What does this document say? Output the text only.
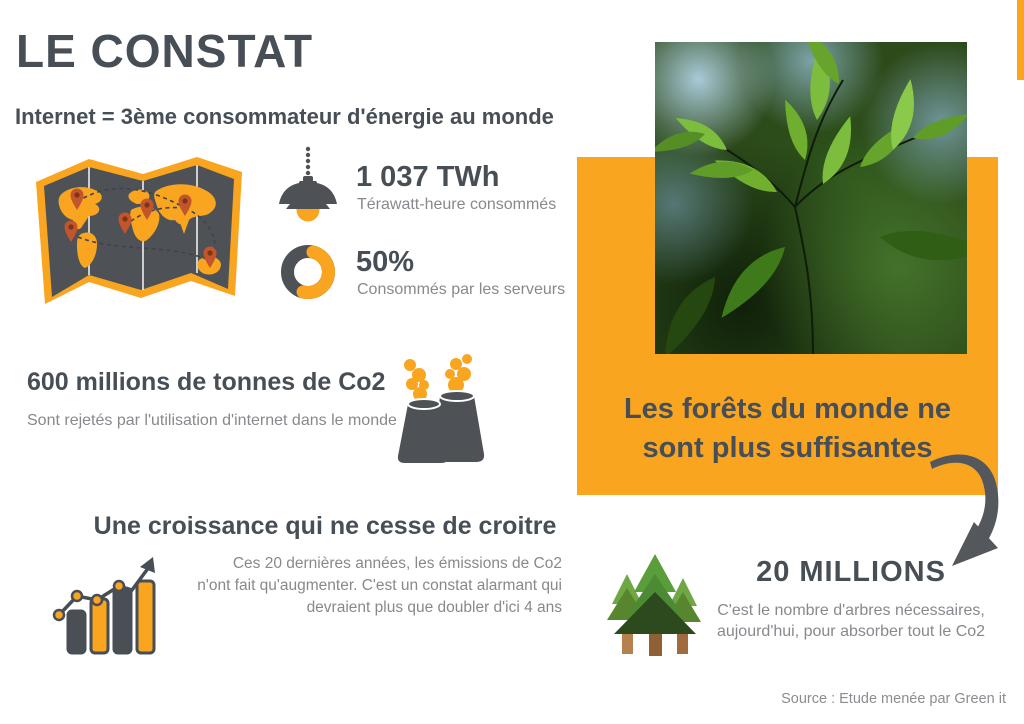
LE CONSTAT
Internet = 3ème consommateur d'énergie au monde
1 037 TWh
Térawatt-heure consommés
50%
Consommés par les serveurs
600 millions de tonnes de Co2
Sont rejetés par l'utilisation d'internet dans le monde
Une croissance qui ne cesse de croitre
Ces 20 dernières années, les émissions de Co2
n'ont fait qu'augmenter. C'est un constat alarmant qui
devraient plus que doubler d'ici 4 ans
Les forêts du monde ne
sont plus suffisantes
20 MILLIONS
C'est le nombre d'arbres nécessaires,
aujourd'hui, pour absorber tout le Co2
Source : Etude menée par Green it
